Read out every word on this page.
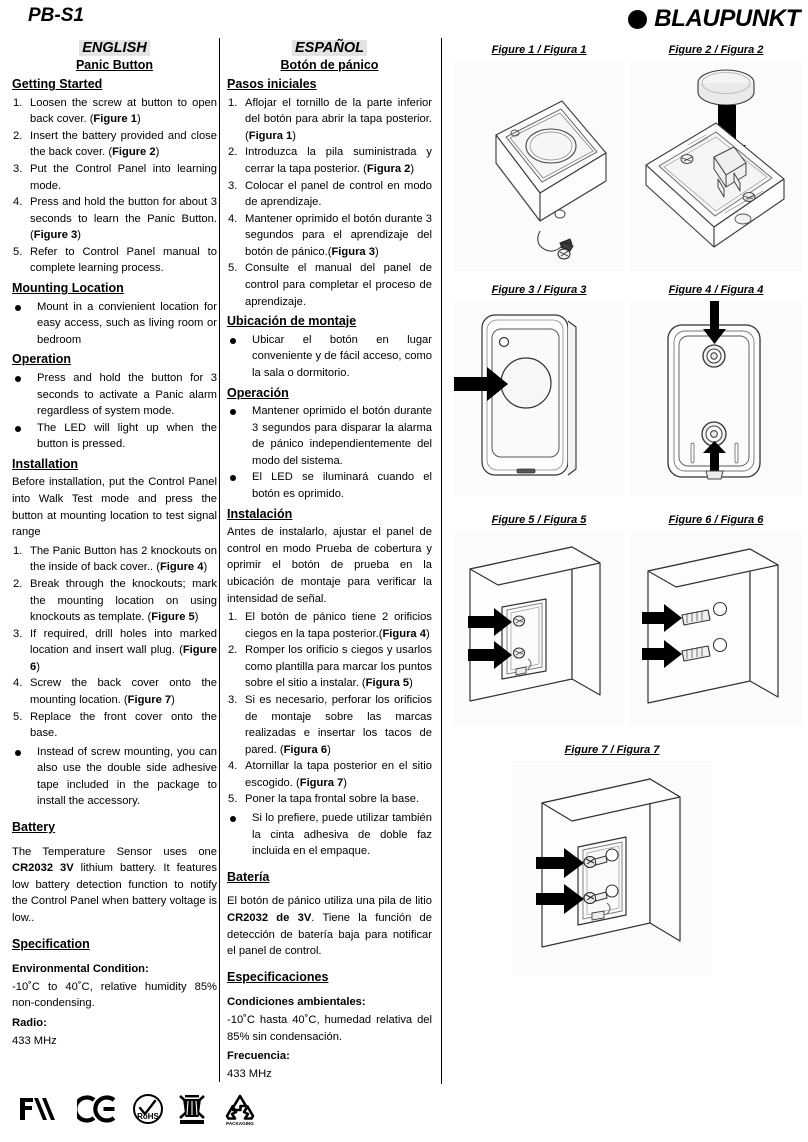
PB-S1	BLAUPUNKT
ENGLISH
Panic Button
Getting Started
Loosen the screw at button to open back cover. (Figure 1)
Insert the battery provided and close the back cover. (Figure 2)
Put the Control Panel into learning mode.
Press and hold the button for about 3 seconds to learn the Panic Button. (Figure 3)
Refer to Control Panel manual to complete learning process.
Mounting Location
Mount in a convienient location for easy access, such as living room or bedroom
Operation
Press and hold the button for 3 seconds to activate a Panic alarm regardless of system mode.
The LED will light up when the button is pressed.
Installation

Before installation, put the Control Panel into Walk Test mode and press the button at mounting location to test signal range

The Panic Button has 2 knockouts on the inside of back cover.. (Figure 4)
Break through the knockouts; mark the mounting location on using knockouts as template. (Figure 5)
If required, drill holes into marked location and insert wall plug. (Figure 6)
Screw the back cover onto the mounting location. (Figure 7)
Replace the front cover onto the base.
Instead of screw mounting, you can also use the double side adhesive tape included in the package to install the accessory.
Battery

The Temperature Sensor uses one CR2032 3V lithium battery. It features low battery detection function to notify the Control Panel when battery voltage is low..

Specification
Environmental Condition:

-10˚C to 40˚C, relative humidity 85% non-condensing.

Radio:

433 MHz

ESPAÑOL
Botón de pánico
Pasos iniciales
Aflojar el tornillo de la parte inferior del botón para abrir la tapa posterior.(Figura 1)
Introduzca la pila suministrada y cerrar la tapa posterior. (Figura 2)
Colocar el panel de control en modo de aprendizaje.
Mantener oprimido el botón durante 3 segundos para el aprendizaje del botón de pánico.(Figura 3)
Consulte el manual del panel de control para completar el proceso de aprendizaje.
Ubicación de montaje
Ubicar el botón en lugar conveniente y de fácil acceso, como la sala o dormitorio.
Operación
Mantener oprimido el botón durante 3 segundos para disparar la alarma de pánico independientemente del modo del sistema.
El LED se iluminará cuando el botón es oprimido.
Instalación

Antes de instalarlo, ajustar el panel de control en modo Prueba de cobertura y oprimir el botón de prueba en la ubicación de montaje para verificar la intensidad de señal.

El botón de pánico tiene 2 orificios ciegos en la tapa posterior.(Figura 4)
Romper los orificio s ciegos y usarlos como plantilla para marcar los puntos sobre el sitio a instalar. (Figura 5)
Si es necesario, perforar los orificios de montaje sobre las marcas realizadas e insertar los tacos de pared. (Figura 6)
Atornillar la tapa posterior en el sitio escogido. (Figura 7)
Poner la tapa frontal sobre la base.
Si lo prefiere, puede utilizar también la cinta adhesiva de doble faz incluida en el empaque.
Batería

El botón de pánico utiliza una pila de litio CR2032 de 3V. Tiene la función de detección de batería baja para notificar el panel de control.

Especificaciones
Condiciones ambientales:

-10˚C hasta 40˚C, humedad relativa del 85% sin condensación.

Frecuencia:

433 MHz

Figure 1 / Figura 1	Figure 2 / Figura 2
Figure 3 / Figura 3	Figure 4 / Figura 4
Figure 5 / Figura 5	Figure 6 / Figura 6
Figure 7 / Figura 7
RoHS
PACKAGING
